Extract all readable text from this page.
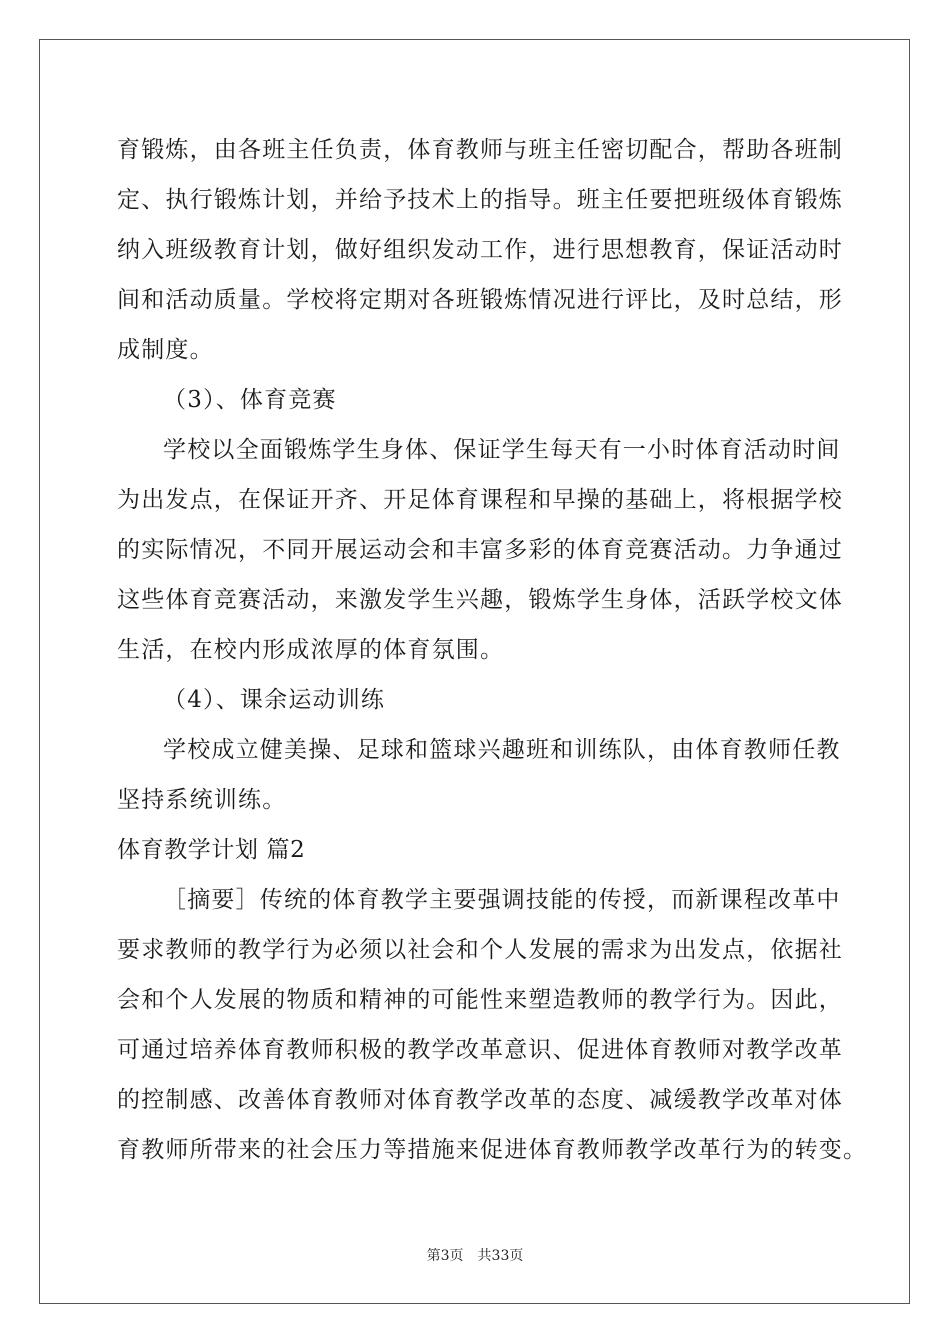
育锻炼，由各班主任负责，体育教师与班主任密切配合，帮助各班制
定、执行锻炼计划，并给予技术上的指导。班主任要把班级体育锻炼
纳入班级教育计划，做好组织发动工作，进行思想教育，保证活动时
间和活动质量。学校将定期对各班锻炼情况进行评比，及时总结，形
成制度。
（3）、体育竞赛
学校以全面锻炼学生身体、保证学生每天有一小时体育活动时间
为出发点，在保证开齐、开足体育课程和早操的基础上，将根据学校
的实际情况，不同开展运动会和丰富多彩的体育竞赛活动。力争通过
这些体育竞赛活动，来激发学生兴趣，锻炼学生身体，活跃学校文体
生活，在校内形成浓厚的体育氛围。
（4）、课余运动训练
学校成立健美操、足球和篮球兴趣班和训练队，由体育教师任教
坚持系统训练。
体育教学计划 篇2
［摘要］传统的体育教学主要强调技能的传授，而新课程改革中
要求教师的教学行为必须以社会和个人发展的需求为出发点，依据社
会和个人发展的物质和精神的可能性来塑造教师的教学行为。因此，
可通过培养体育教师积极的教学改革意识、促进体育教师对教学改革
的控制感、改善体育教师对体育教学改革的态度、减缓教学改革对体
育教师所带来的社会压力等措施来促进体育教师教学改革行为的转变。
第3页 共33页
